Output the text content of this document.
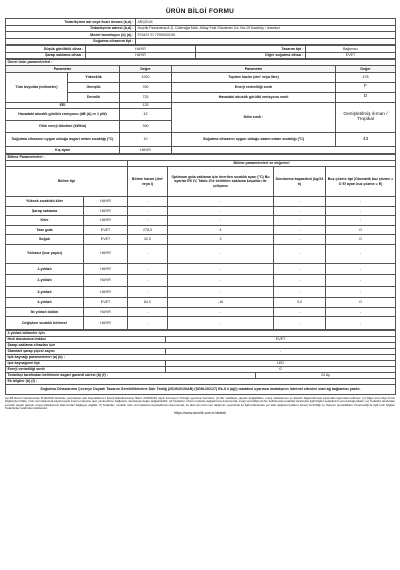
ÜRÜN BİLGİ FORMU
Tedarikçinin adı veya ticari ünvanı (b,d) :	ARÇELİK
Tedarikçinin adresi (b,d) :	Arçelik Pazarlama A.Ş. Caferağa Mah. Albay Faik Sözdener Cd. No:19 Kadıköy / İstanbul
Model tanımlayıcı (b) (d) :	576437 EI 7299020195
Soğutma cihazının tipi :	
Düşük gürültülü cihaz :	HAYIR	Tasarım tipi :	Bağımsız
Şarap saklama cihazı :	HAYIR	Diğer soğutma cihazı :	EVET
Genel ürün parametreleri :				
Parametre		Değer	Parametre	Değer
Tüm boyutlar (milimetre)	Yükseklik	1920	Toplam hacim (dm³ veya litre)	478
	Genişlik	760	Enerji verimliliği sınıfı	F
	Derinlik	725	Havadaki akustik gürültü emisyonu sınıfı	D
EEI		125	İklim sınıfı :	Genişletilmiş ılıman / Tropikal
Havadaki akustik gürültü emisyonu (dB (A) re 1 pW)		42		
Yıllık enerji tüketimi (kWh/a)		390		
Soğutma cihazının uygun olduğu asgari ortam sıcaklığı (°C)		10	Soğutma cihazının uygun olduğu azami ortam sıcaklığı (°C)	43
Kış ayarı		HAYIR		
Bölme Parametreleri :					
		Bölme parametreleri ve değerleri			
Bölme tipi		Bölme hacmi (dm³ veya l)	Optimum gıda saklama için önerilen sıcaklık ayarı (°C) Bu ayarlar EK IV, Tablo 3'te belirtilen saklama koşulları ile çelişmez	Dondurma kapasitesi (kg/24 h)	Buz çözme tipi (Otomatik buz çözme = O El ayarı buz çözme = E)
Yüksek sıcaklıklı kiler	HAYIR	-	-	-	-
Şarap saklama	HAYIR	-	-	-	-
Kiler	HAYIR	-	-	-	-
Taze gıda	EVET	278,0	4	-	O
Soğuk	EVET	32,0	2	-	O
Yıldızsız (buz yapıcı)	HAYIR	-	-	-	-
1-yıldızlı	HAYIR	-	-	-	-
2-yıldızlı	HAYIR	-	-	-	-
3-yıldızlı	HAYIR	-	-	-	-
4-yıldızlı	EVET	84,0	-18	3,0	O
İki yıldızlı bölüm	HAYIR	-	-	-	-
Değişken sıcaklık bölmesi	HAYIR	-	-	-	-
4 yıldızlı bölmeler için		
Hızlı dondurma imkânı	EVET	
Şarap saklama cihazları için		
Standart şarap şişesi sayısı	-	
Işık kaynağı parametreleri (a) (b) :		
Işık kaynağının tipi	LED	
Enerji verimliliği sınıfı	G	
Tedarikçi tarafından belirlenen asgari garanti süresi (b) (f) :		24 Ay
Ek bilgiler (b) (f) :		
Soğutma Cihazlarının Çevreye Duyarlı Tasarım Gereklilikleriine Dair Tebliğ (2019/2019/AB) (SGM-2021/7) Ek-II 4 (a)(i) maddesi uyarınca imalatçının internet sitesine olan ağ bağlantısı yazılır.		
(a) AB Resmi Gazetesinde 5/12/2019 tarihinde yayımlanan Işık Kaynaklarının Enerji Etiketlemesine İlişkin 2019/2015 sayılı Komisyon Tüzüğü uyarınca hazırlanır. (b) Bu maddede yapılan değişiklikler, enerji etiketlemesi ve tüketici bilgilendirmesi açısından ilgili kabul edilmez. (c) Diğer ürün bilgi formu bilgileriyle birlikte, ürün veri tabanında kayıtlı kayıtlı internet sitesine olan yönlendirme bağlantısı vasıtasıyla değer değiştirilebilir. (d) Tedarikçi, ürünü modelde değiştirmesi durumunda, enerji verimliliği sınıfını belirlemede tedarikçi tarafından ilgili bilgiler tedarikçinin sorumluluğundadır. (e) Tedarikçi tarafından sunulan asgari garanti, enerji etiketlemesi bakımından bağlayıcı değildir. (f) Tedarikçi, modelin ürün veri tabanına kaydedilmesi durumunda, bu alan için ürün veri tabanının uyumluluk ile ilgili bölümünde yer alan değerleri kullanır. Enerji Verimliliği ve Tasarım Gereklilikleri Yönetmeliği ile ilgili ürün bilgileri Tedarikçiler tarafından doldurulur.
https://www.arcelik.com.tr/destek
